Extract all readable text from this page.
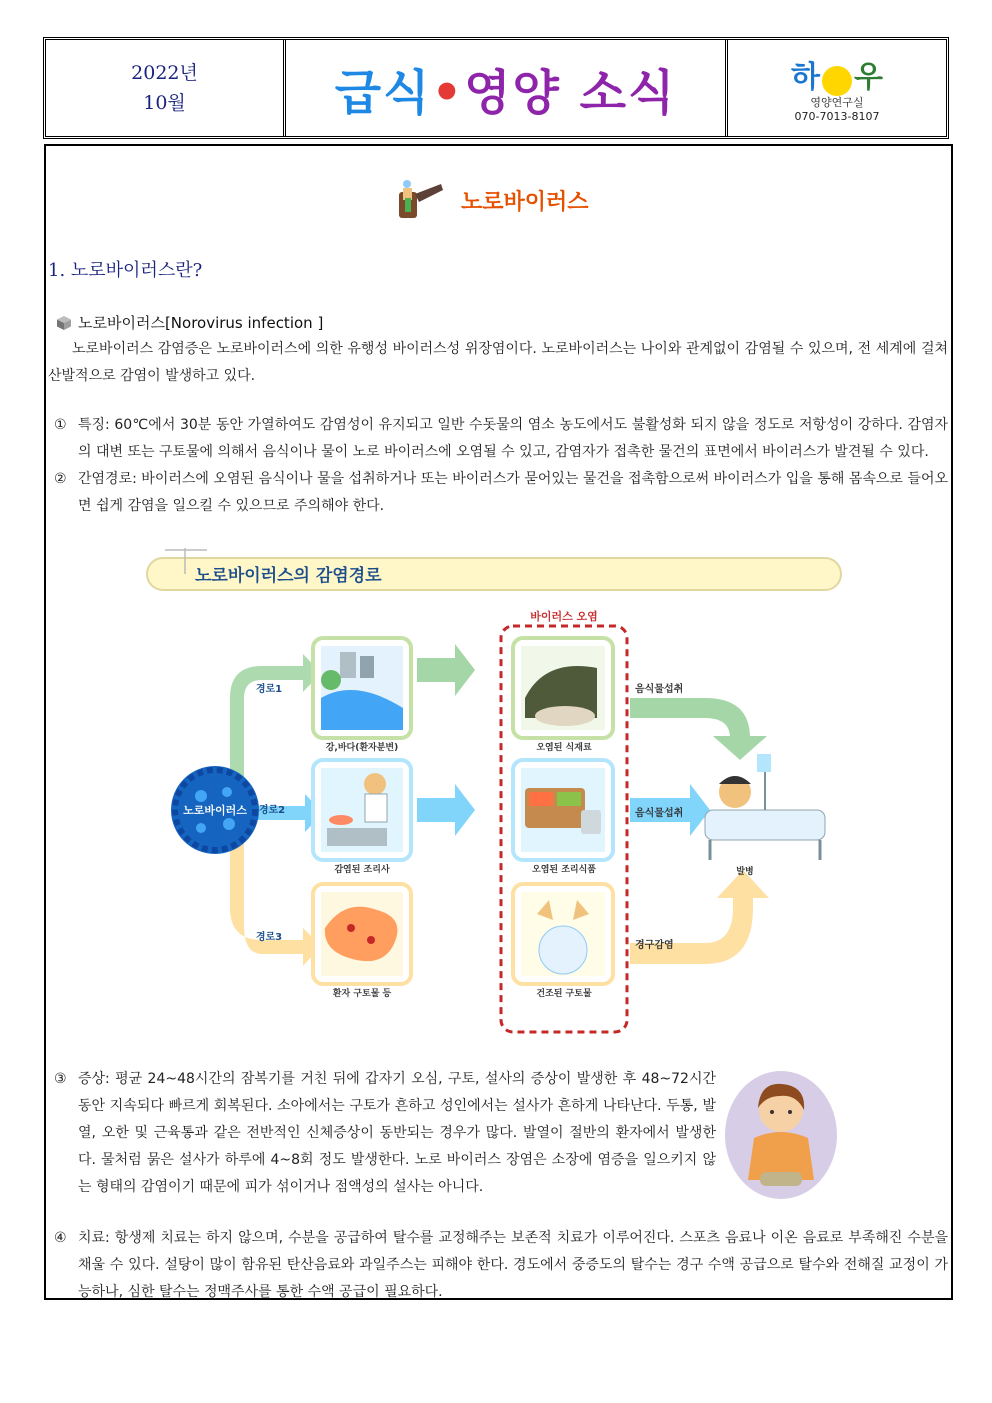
2022년
10월	급식•영양 소식	하 우
영양연구실
070-7013-8107
노로바이러스
1. 노로바이러스란?
노로바이러스[Norovirus infection ]
노로바이러스 감염증은 노로바이러스에 의한 유행성 바이러스성 위장염이다. 노로바이러스는 나이와 관계없이 감염될 수 있으며, 전 세계에 걸쳐 산발적으로 감염이 발생하고 있다.
① 특징: 60℃에서 30분 동안 가열하여도 감염성이 유지되고 일반 수돗물의 염소 농도에서도 불활성화 되지 않을 정도로 저항성이 강하다. 감염자의 대변 또는 구토물에 의해서 음식이나 물이 노로 바이러스에 오염될 수 있고, 감염자가 접촉한 물건의 표면에서 바이러스가 발견될 수 있다.
② 간염경로: 바이러스에 오염된 음식이나 물을 섭취하거나 또는 바이러스가 묻어있는 물건을 접촉함으로써 바이러스가 입을 통해 몸속으로 들어오면 쉽게 감염을 일으킬 수 있으므로 주의해야 한다.
노로바이러스의 감염경로
노로바이러스
경로1
경로2
경로3
강,바다(환자분변)
감염된 조리사
환자 구토물 등
바이러스 오염
오염된 식재료
오염된 조리식품
건조된 구토물
음식물섭취
음식물섭취
경구감염
발병
③ 증상: 평균 24~48시간의 잠복기를 거친 뒤에 갑자기 오심, 구토, 설사의 증상이 발생한 후 48~72시간 동안 지속되다 빠르게 회복된다. 소아에서는 구토가 흔하고 성인에서는 설사가 흔하게 나타난다. 두통, 발열, 오한 및 근육통과 같은 전반적인 신체증상이 동반되는 경우가 많다. 발열이 절반의 환자에서 발생한다. 물처럼 묽은 설사가 하루에 4~8회 정도 발생한다. 노로 바이러스 장염은 소장에 염증을 일으키지 않는 형태의 감염이기 때문에 피가 섞이거나 점액성의 설사는 아니다.
④ 치료: 항생제 치료는 하지 않으며, 수분을 공급하여 탈수를 교정해주는 보존적 치료가 이루어진다. 스포츠 음료나 이온 음료로 부족해진 수분을 채울 수 있다. 설탕이 많이 함유된 탄산음료와 과일주스는 피해야 한다. 경도에서 중증도의 탈수는 경구 수액 공급으로 탈수와 전해질 교정이 가능하나, 심한 탈수는 정맥주사를 통한 수액 공급이 필요하다.
